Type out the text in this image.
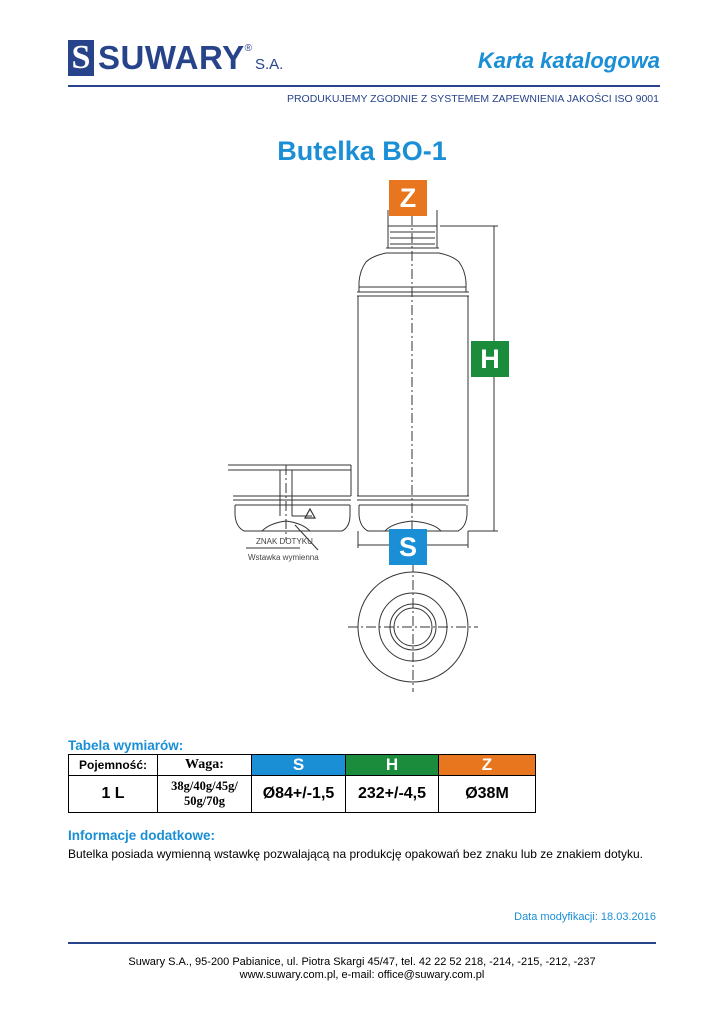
S SUWARY ®
S.A.	Karta katalogowa
PRODUKUJEMY ZGODNIE Z SYSTEMEM ZAPEWNIENIA JAKOŚCI ISO 9001
Butelka BO-1
Z
H
S
ZNAK DOTYKU
Wstawka wymienna
Tabela wymiarów:
Pojemność:	Waga:	S	H	Z
1 L	38g/40g/45g/
50g/70g	Ø84+/-1,5	232+/-4,5	Ø38M
Informacje dodatkowe:
Butelka posiada wymienną wstawkę pozwalającą na produkcję opakowań bez znaku lub ze znakiem dotyku.
Data modyfikacji: 18.03.2016
Suwary S.A., 95-200 Pabianice, ul. Piotra Skargi 45/47, tel. 42 22 52 218, -214, -215, -212, -237
www.suwary.com.pl, e-mail: office@suwary.com.pl
